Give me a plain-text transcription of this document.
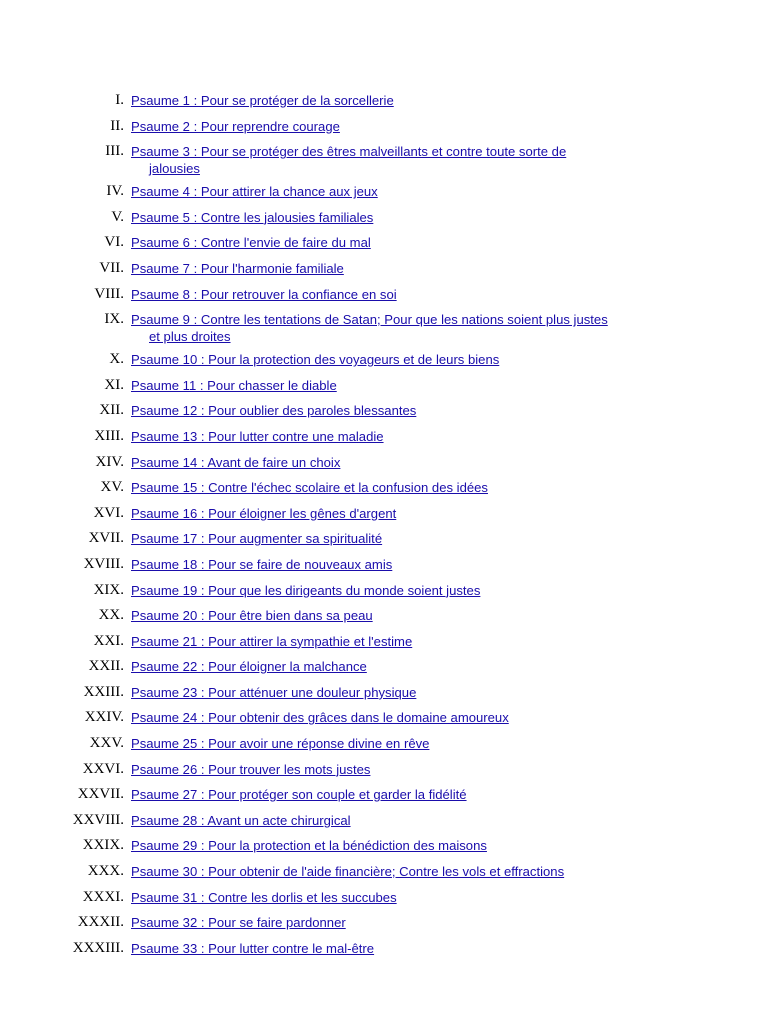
I. Psaume 1 : Pour se protéger de la sorcellerie
II. Psaume 2 : Pour reprendre courage
III. Psaume 3 : Pour se protéger des êtres malveillants et contre toute sorte de
jalousies
IV. Psaume 4 : Pour attirer la chance aux jeux
V. Psaume 5 : Contre les jalousies familiales
VI. Psaume 6 : Contre l'envie de faire du mal
VII. Psaume 7 : Pour l'harmonie familiale
VIII. Psaume 8 : Pour retrouver la confiance en soi
IX. Psaume 9 : Contre les tentations de Satan; Pour que les nations soient plus justes
et plus droites
X. Psaume 10 : Pour la protection des voyageurs et de leurs biens
XI. Psaume 11 : Pour chasser le diable
XII. Psaume 12 : Pour oublier des paroles blessantes
XIII. Psaume 13 : Pour lutter contre une maladie
XIV. Psaume 14 : Avant de faire un choix
XV. Psaume 15 : Contre l'échec scolaire et la confusion des idées
XVI. Psaume 16 : Pour éloigner les gênes d'argent
XVII. Psaume 17 : Pour augmenter sa spiritualité
XVIII. Psaume 18 : Pour se faire de nouveaux amis
XIX. Psaume 19 : Pour que les dirigeants du monde soient justes
XX. Psaume 20 : Pour être bien dans sa peau
XXI. Psaume 21 : Pour attirer la sympathie et l'estime
XXII. Psaume 22 : Pour éloigner la malchance
XXIII. Psaume 23 : Pour atténuer une douleur physique
XXIV. Psaume 24 : Pour obtenir des grâces dans le domaine amoureux
XXV. Psaume 25 : Pour avoir une réponse divine en rêve
XXVI. Psaume 26 : Pour trouver les mots justes
XXVII. Psaume 27 : Pour protéger son couple et garder la fidélité
XXVIII. Psaume 28 : Avant un acte chirurgical
XXIX. Psaume 29 : Pour la protection et la bénédiction des maisons
XXX. Psaume 30 : Pour obtenir de l'aide financière; Contre les vols et effractions
XXXI. Psaume 31 : Contre les dorlis et les succubes
XXXII. Psaume 32 : Pour se faire pardonner
XXXIII. Psaume 33 : Pour lutter contre le mal-être
